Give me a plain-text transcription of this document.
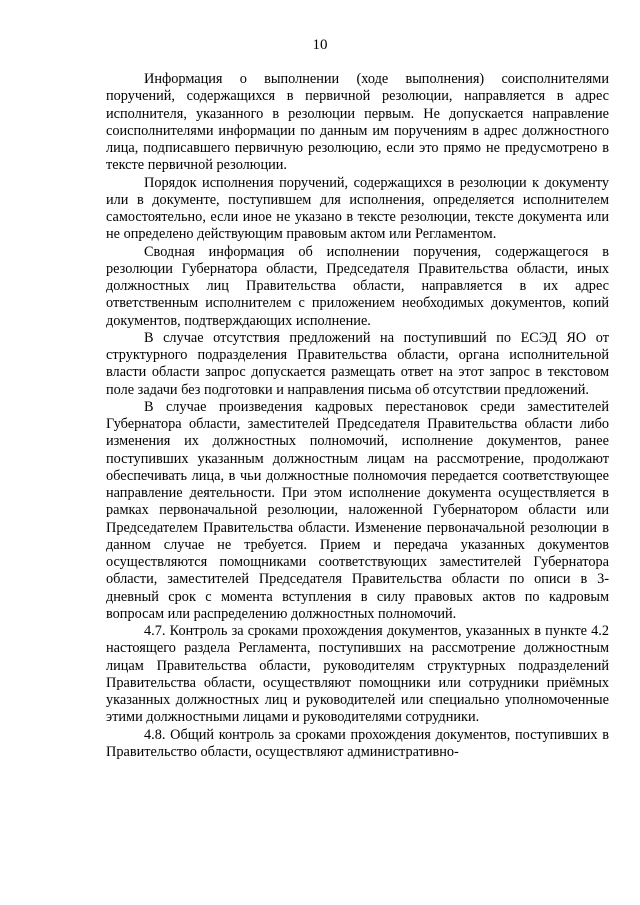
10

Информация о выполнении (ходе выполнения) соисполнителями поручений, содержащихся в первичной резолюции, направляется в адрес исполнителя, указанного в резолюции первым. Не допускается направление соисполнителями информации по данным им поручениям в адрес должностного лица, подписавшего первичную резолюцию, если это прямо не предусмотрено в тексте первичной резолюции.

Порядок исполнения поручений, содержащихся в резолюции к документу или в документе, поступившем для исполнения, определяется исполнителем самостоятельно, если иное не указано в тексте резолюции, тексте документа или не определено действующим правовым актом или Регламентом.

Сводная информация об исполнении поручения, содержащегося в резолюции Губернатора области, Председателя Правительства области, иных должностных лиц Правительства области, направляется в их адрес ответственным исполнителем с приложением необходимых документов, копий документов, подтверждающих исполнение.

В случае отсутствия предложений на поступивший по ЕСЭД ЯО от структурного подразделения Правительства области, органа исполнительной власти области запрос допускается размещать ответ на этот запрос в текстовом поле задачи без подготовки и направления письма об отсутствии предложений.

В случае произведения кадровых перестановок среди заместителей Губернатора области, заместителей Председателя Правительства области либо изменения их должностных полномочий, исполнение документов, ранее поступивших указанным должностным лицам на рассмотрение, продолжают обеспечивать лица, в чьи должностные полномочия передается соответствующее направление деятельности. При этом исполнение документа осуществляется в рамках первоначальной резолюции, наложенной Губернатором области или Председателем Правительства области. Изменение первоначальной резолюции в данном случае не требуется. Прием и передача указанных документов осуществляются помощниками соответствующих заместителей Губернатора области, заместителей Председателя Правительства области по описи в 3-дневный срок с момента вступления в силу правовых актов по кадровым вопросам или распределению должностных полномочий.

4.7. Контроль за сроками прохождения документов, указанных в пункте 4.2 настоящего раздела Регламента, поступивших на рассмотрение должностным лицам Правительства области, руководителям структурных подразделений Правительства области, осуществляют помощники или сотрудники приёмных указанных должностных лиц и руководителей или специально уполномоченные этими должностными лицами и руководителями сотрудники.

4.8. Общий контроль за сроками прохождения документов, поступивших в Правительство области, осуществляют административно-
